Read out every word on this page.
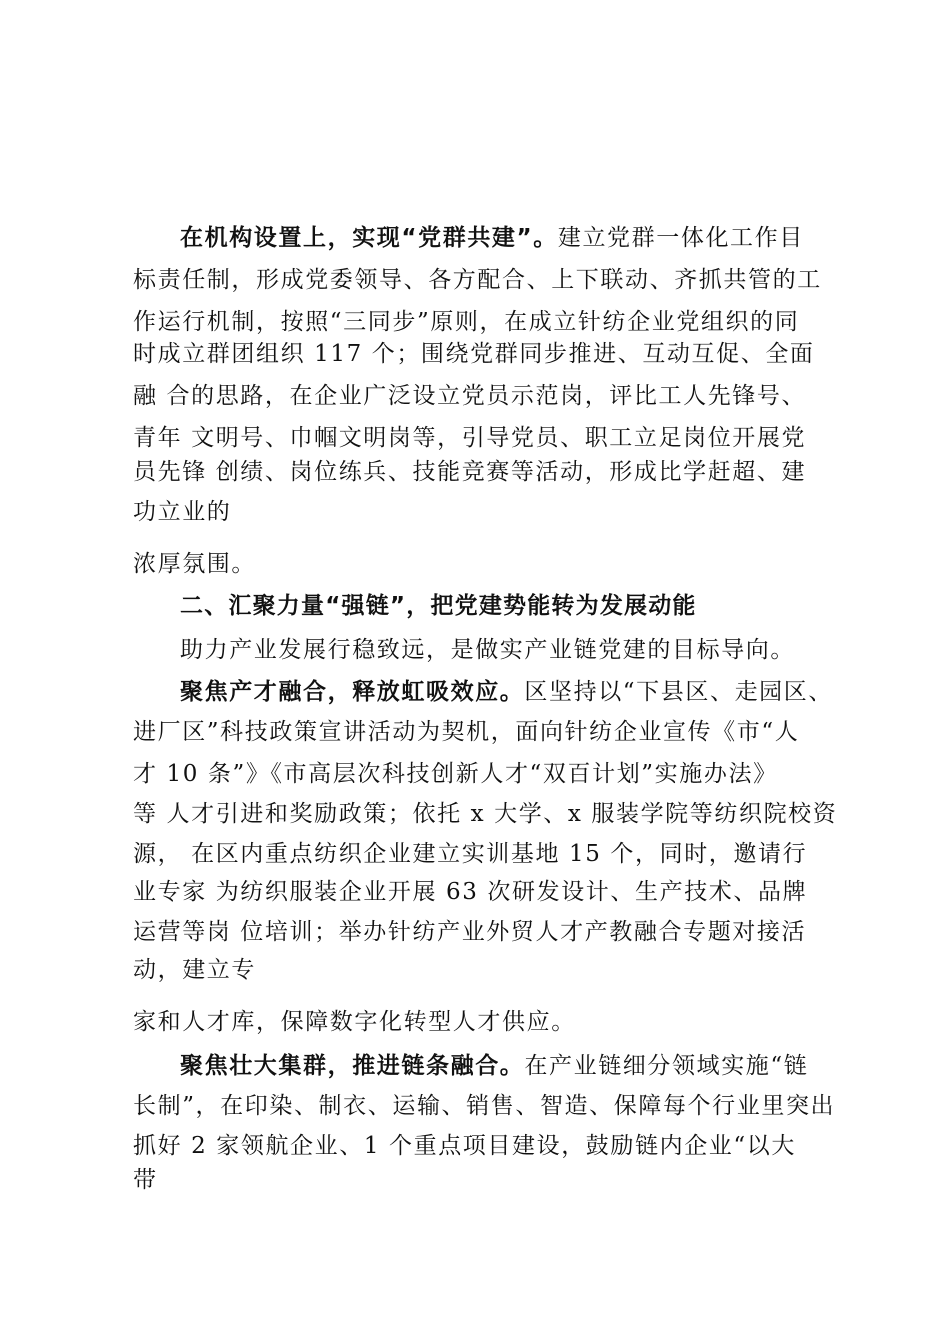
在机构设置上，实现“党群共建”。建立党群一体化工作目
标责任制，形成党委领导、各方配合、上下联动、齐抓共管的工
作运行机制，按照“三同步”原则，在成立针纺企业党组织的同
时成立群团组织 117 个；围绕党群同步推进、互动互促、全面
融 合的思路，在企业广泛设立党员示范岗，评比工人先锋号、
青年 文明号、巾帼文明岗等，引导党员、职工立足岗位开展党
员先锋 创绩、岗位练兵、技能竞赛等活动，形成比学赶超、建
功立业的
浓厚氛围。
二、汇聚力量“强链”，把党建势能转为发展动能
助力产业发展行稳致远，是做实产业链党建的目标导向。
聚焦产才融合，释放虹吸效应。区坚持以“下县区、走园区、
进厂区”科技政策宣讲活动为契机，面向针纺企业宣传《市“人
才 10 条”》《市高层次科技创新人才“双百计划”实施办法》
等 人才引进和奖励政策；依托 x 大学、x 服装学院等纺织院校资
源， 在区内重点纺织企业建立实训基地 15 个，同时，邀请行
业专家 为纺织服装企业开展 63 次研发设计、生产技术、品牌
运营等岗 位培训；举办针纺产业外贸人才产教融合专题对接活
动，建立专
家和人才库，保障数字化转型人才供应。
聚焦壮大集群，推进链条融合。在产业链细分领域实施“链
长制”，在印染、制衣、运输、销售、智造、保障每个行业里突出
抓好 2 家领航企业、1 个重点项目建设，鼓励链内企业“以大
带
